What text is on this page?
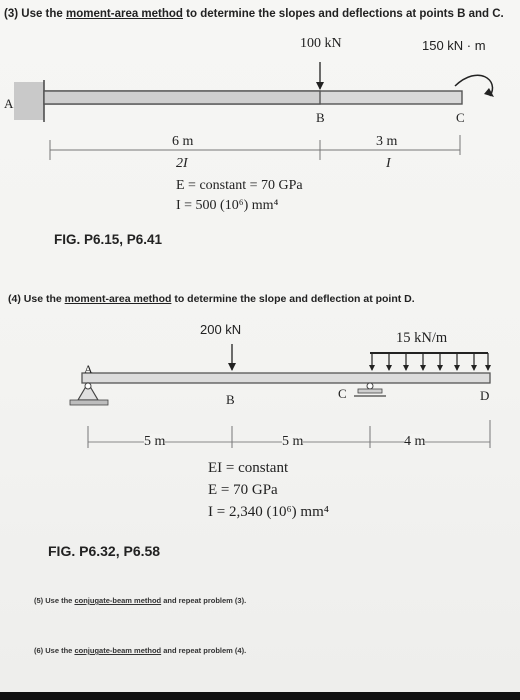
(3) Use the moment-area method to determine the slopes and deflections at points B and C.
100 kN	150 kN · m
A
B	C
6 m	3 m
2I	I
E = constant = 70 GPa
I = 500 (10⁶) mm⁴
FIG. P6.15, P6.41
(4) Use the moment-area method to determine the slope and deflection at point D.
200 kN
15 kN/m
A
B	C	D
5 m	5 m	4 m
EI = constant
E = 70 GPa
I = 2,340 (10⁶) mm⁴
FIG. P6.32, P6.58
(5) Use the conjugate-beam method and repeat problem (3).
(6) Use the conjugate-beam method and repeat problem (4).
